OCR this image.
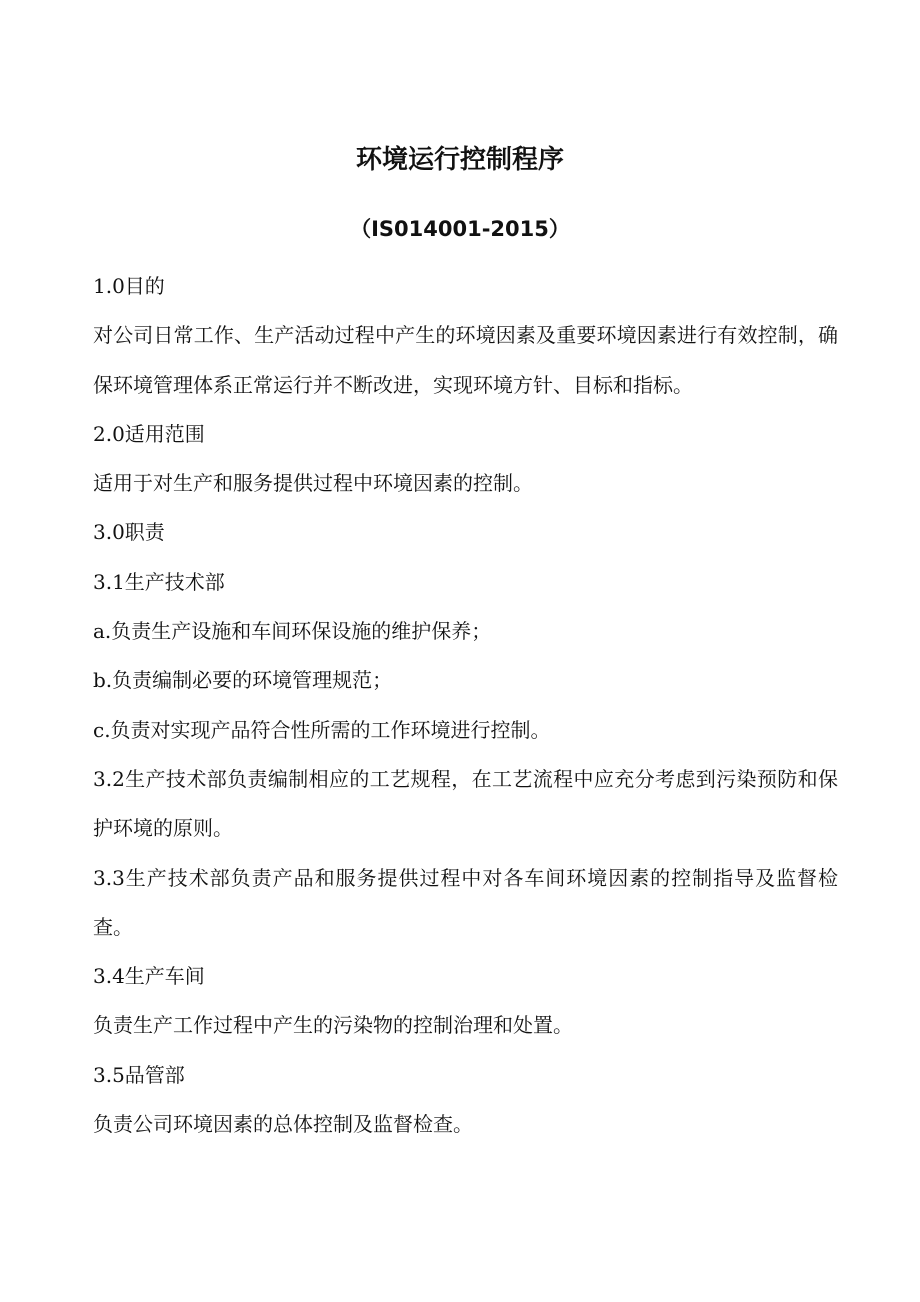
环境运行控制程序
（IS014001-2015）

1.0目的

对公司日常工作、生产活动过程中产生的环境因素及重要环境因素进行有效控制，确保环境管理体系正常运行并不断改进，实现环境方针、目标和指标。

2.0适用范围

适用于对生产和服务提供过程中环境因素的控制。

3.0职责

3.1生产技术部

a.负责生产设施和车间环保设施的维护保养；

b.负责编制必要的环境管理规范；

c.负责对实现产品符合性所需的工作环境进行控制。

3.2生产技术部负责编制相应的工艺规程，在工艺流程中应充分考虑到污染预防和保护环境的原则。

3.3生产技术部负责产品和服务提供过程中对各车间环境因素的控制指导及监督检查。

3.4生产车间

负责生产工作过程中产生的污染物的控制治理和处置。

3.5品管部

负责公司环境因素的总体控制及监督检查。
